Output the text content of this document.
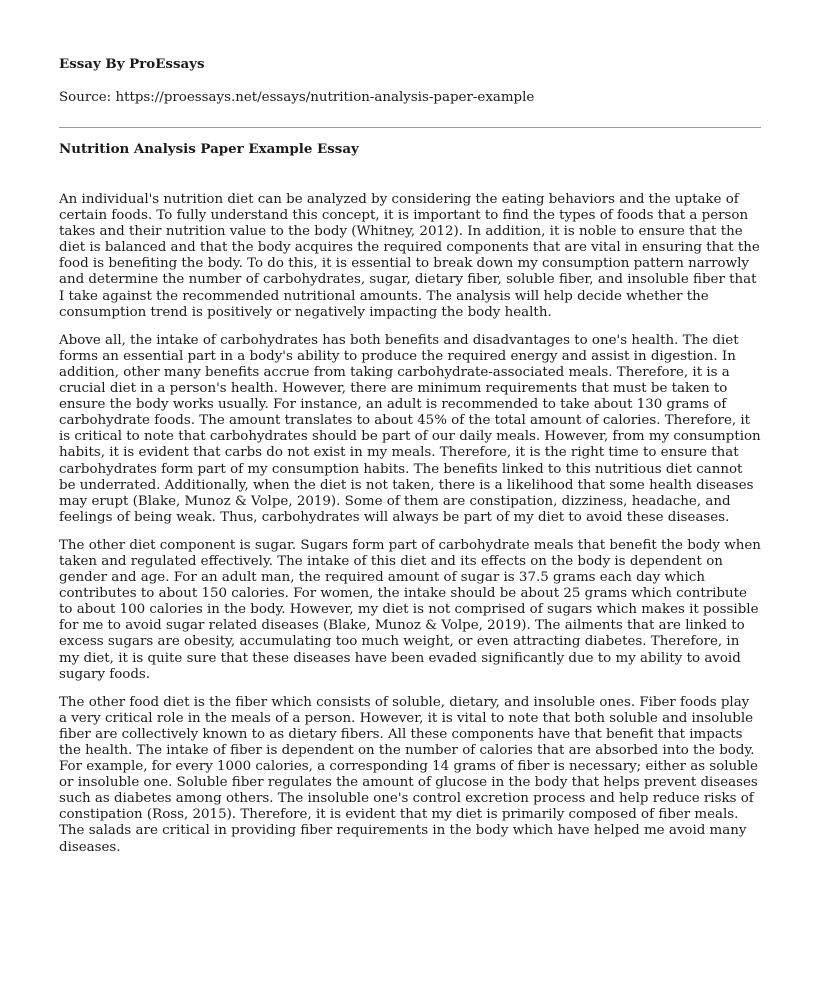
Essay By ProEssays

Source: https://proessays.net/essays/nutrition-analysis-paper-example

Nutrition Analysis Paper Example Essay

An individual's nutrition diet can be analyzed by considering the eating behaviors and the uptake of certain foods. To fully understand this concept, it is important to find the types of foods that a person takes and their nutrition value to the body (Whitney, 2012). In addition, it is noble to ensure that the diet is balanced and that the body acquires the required components that are vital in ensuring that the food is benefiting the body. To do this, it is essential to break down my consumption pattern narrowly and determine the number of carbohydrates, sugar, dietary fiber, soluble fiber, and insoluble fiber that I take against the recommended nutritional amounts. The analysis will help decide whether the consumption trend is positively or negatively impacting the body health.

Above all, the intake of carbohydrates has both benefits and disadvantages to one's health. The diet forms an essential part in a body's ability to produce the required energy and assist in digestion. In addition, other many benefits accrue from taking carbohydrate-associated meals. Therefore, it is a crucial diet in a person's health. However, there are minimum requirements that must be taken to ensure the body works usually. For instance, an adult is recommended to take about 130 grams of carbohydrate foods. The amount translates to about 45% of the total amount of calories. Therefore, it is critical to note that carbohydrates should be part of our daily meals. However, from my consumption habits, it is evident that carbs do not exist in my meals. Therefore, it is the right time to ensure that carbohydrates form part of my consumption habits. The benefits linked to this nutritious diet cannot be underrated. Additionally, when the diet is not taken, there is a likelihood that some health diseases may erupt (Blake, Munoz & Volpe, 2019). Some of them are constipation, dizziness, headache, and feelings of being weak. Thus, carbohydrates will always be part of my diet to avoid these diseases.

The other diet component is sugar. Sugars form part of carbohydrate meals that benefit the body when taken and regulated effectively. The intake of this diet and its effects on the body is dependent on gender and age. For an adult man, the required amount of sugar is 37.5 grams each day which contributes to about 150 calories. For women, the intake should be about 25 grams which contribute to about 100 calories in the body. However, my diet is not comprised of sugars which makes it possible for me to avoid sugar related diseases (Blake, Munoz & Volpe, 2019). The ailments that are linked to excess sugars are obesity, accumulating too much weight, or even attracting diabetes. Therefore, in my diet, it is quite sure that these diseases have been evaded significantly due to my ability to avoid sugary foods.

The other food diet is the fiber which consists of soluble, dietary, and insoluble ones. Fiber foods play a very critical role in the meals of a person. However, it is vital to note that both soluble and insoluble fiber are collectively known to as dietary fibers. All these components have that benefit that impacts the health. The intake of fiber is dependent on the number of calories that are absorbed into the body. For example, for every 1000 calories, a corresponding 14 grams of fiber is necessary; either as soluble or insoluble one. Soluble fiber regulates the amount of glucose in the body that helps prevent diseases such as diabetes among others. The insoluble one's control excretion process and help reduce risks of constipation (Ross, 2015). Therefore, it is evident that my diet is primarily composed of fiber meals. The salads are critical in providing fiber requirements in the body which have helped me avoid many diseases.
